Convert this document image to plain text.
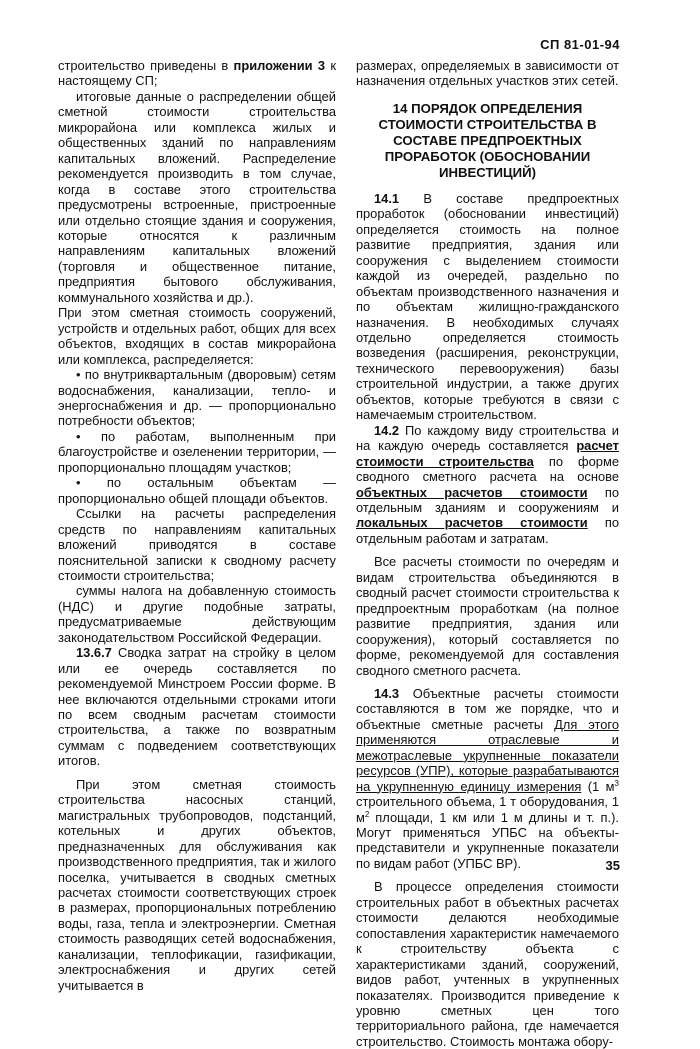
СП 81-01-94

строительство приведены в приложении 3 к настоящему СП;

итоговые данные о распределении общей сметной стоимости строительства микрорайона или комплекса жилых и общественных зданий по направлениям капитальных вложений. Распределение рекомендуется производить в том случае, когда в составе этого строительства предусмотрены встроенные, пристроенные или отдельно стоящие здания и сооружения, которые относятся к различным направлениям капитальных вложений (торговля и общественное питание, предприятия бытового обслуживания, коммунального хозяйства и др.).

При этом сметная стоимость сооружений, устройств и отдельных работ, общих для всех объектов, входящих в состав микрорайона или комплекса, распределяется:

• по внутриквартальным (дворовым) сетям водоснабжения, канализации, тепло- и энергоснабжения и др. — пропорционально потребности объектов;

• по работам, выполненным при благоустройстве и озеленении территории, — пропорционально площадям участков;

• по остальным объектам — пропорционально общей площади объектов.

Ссылки на расчеты распределения средств по направлениям капитальных вложений приводятся в составе пояснительной записки к сводному расчету стоимости строительства;

суммы налога на добавленную стоимость (НДС) и другие подобные затраты, предусматриваемые действующим законодательством Российской Федерации.

13.6.7 Сводка затрат на стройку в целом или ее очередь составляется по рекомендуемой Минстроем России форме. В нее включаются отдельными строками итоги по всем сводным расчетам стоимости строительства, а также по возвратным суммам с подведением соответствующих итогов.

При этом сметная стоимость строительства насосных станций, магистральных трубопроводов, подстанций, котельных и других объектов, предназначенных для обслуживания как производственного предприятия, так и жилого поселка, учитывается в сводных сметных расчетах стоимости соответствующих строек в размерах, пропорциональных потреблению воды, газа, тепла и электроэнергии. Сметная стоимость разводящих сетей водоснабжения, канализации, теплофикации, газификации, электроснабжения и других сетей учитывается в

размерах, определяемых в зависимости от назначения отдельных участков этих сетей.

14 ПОРЯДОК ОПРЕДЕЛЕНИЯ СТОИМОСТИ СТРОИТЕЛЬСТВА В СОСТАВЕ ПРЕДПРОЕКТНЫХ ПРОРАБОТОК (ОБОСНОВАНИИ ИНВЕСТИЦИЙ)

14.1 В составе предпроектных проработок (обосновании инвестиций) определяется стоимость на полное развитие предприятия, здания или сооружения с выделением стоимости каждой из очередей, раздельно по объектам производственного назначения и по объектам жилищно-гражданского назначения. В необходимых случаях отдельно определяется стоимость возведения (расширения, реконструкции, технического перевооружения) базы строительной индустрии, а также других объектов, которые требуются в связи с намечаемым строительством.

14.2 По каждому виду строительства и на каждую очередь составляется расчет стоимости строительства по форме сводного сметного расчета на основе объектных расчетов стоимости по отдельным зданиям и сооружениям и локальных расчетов стоимости по отдельным работам и затратам.

Все расчеты стоимости по очередям и видам строительства объединяются в сводный расчет стоимости строительства к предпроектным проработкам (на полное развитие предприятия, здания или сооружения), который составляется по форме, рекомендуемой для составления сводного сметного расчета.

14.3 Объектные расчеты стоимости составляются в том же порядке, что и объектные сметные расчеты Для этого применяются отраслевые и межотраслевые укрупненные показатели ресурсов (УПР), которые разрабатываются на укрупненную единицу измерения (1 $м^3$ строительного объема, 1 т оборудования, 1 $м^2$ площади, 1 км или 1 м длины и т. п.). Могут применяться УПБС на объекты-представители и укрупненные показатели по видам работ (УПБС ВР).

В процессе определения стоимости строительных работ в объектных расчетах стоимости делаются необходимые сопоставления характеристик намечаемого к строительству объекта с характеристиками зданий, сооружений, видов работ, учтенных в укрупненных показателях. Производится приведение к уровню сметных цен того территориального района, где намечается строительство. Стоимость монтажа обору-

35
